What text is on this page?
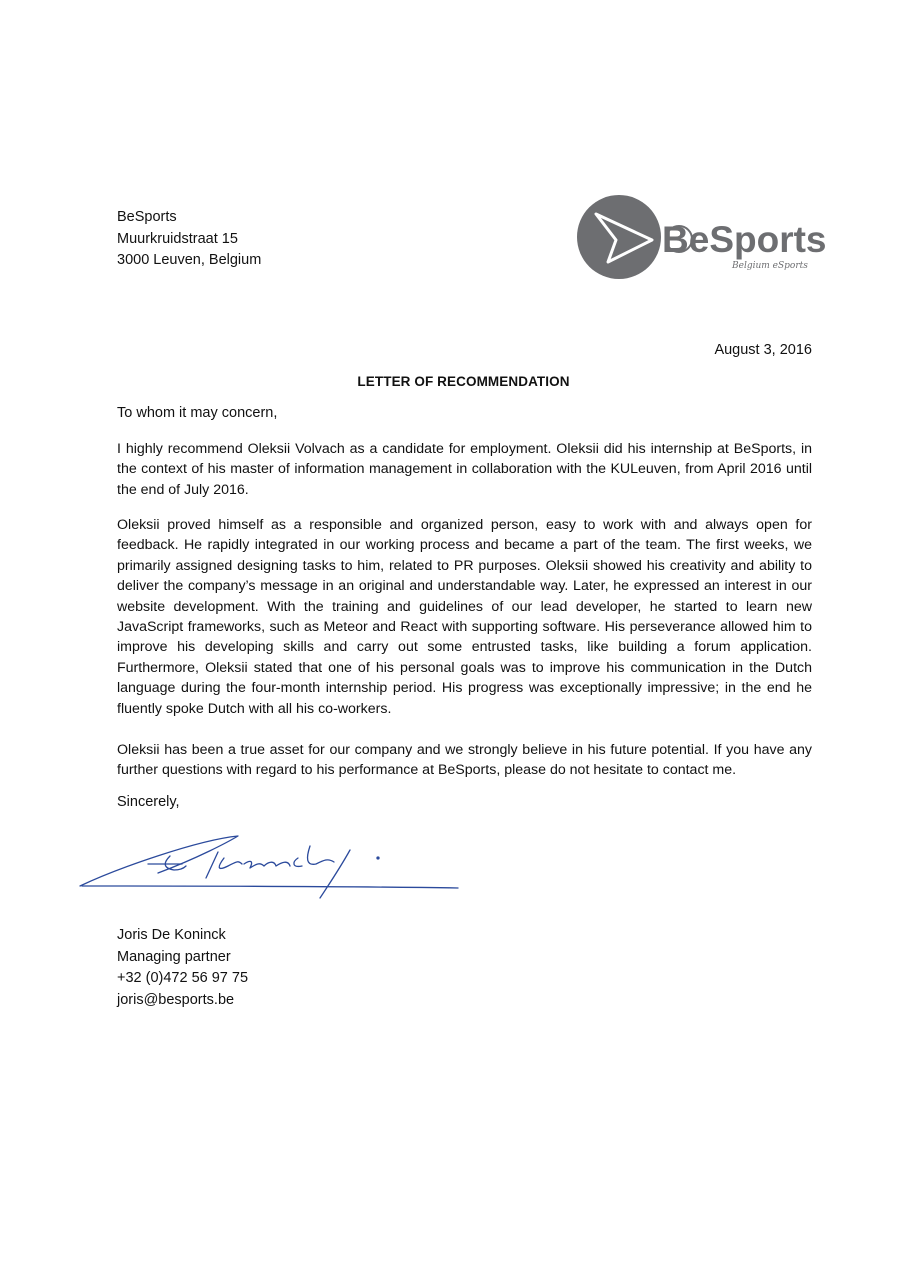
BeSports
Muurkruidstraat 15
3000 Leuven, Belgium	BeSports
Belgium eSports
August 3, 2016
LETTER OF RECOMMENDATION
To whom it may concern,

I highly recommend Oleksii Volvach as a candidate for employment. Oleksii did his internship at BeSports, in the context of his master of information management in collaboration with the KULeuven, from April 2016 until the end of July 2016.

Oleksii proved himself as a responsible and organized person, easy to work with and always open for feedback. He rapidly integrated in our working process and became a part of the team. The first weeks, we primarily assigned designing tasks to him, related to PR purposes. Oleksii showed his creativity and ability to deliver the company’s message in an original and understandable way. Later, he expressed an interest in our website development. With the training and guidelines of our lead developer, he started to learn new JavaScript frameworks, such as Meteor and React with supporting software. His perseverance allowed him to improve his developing skills and carry out some entrusted tasks, like building a forum application. Furthermore, Oleksii stated that one of his personal goals was to improve his communication in the Dutch language during the four-month internship period. His progress was exceptionally impressive; in the end he fluently spoke Dutch with all his co-workers.

Oleksii has been a true asset for our company and we strongly believe in his future potential. If you have any further questions with regard to his performance at BeSports, please do not hesitate to contact me.

Sincerely,
Joris De Koninck
Managing partner
+32 (0)472 56 97 75
joris@besports.be
